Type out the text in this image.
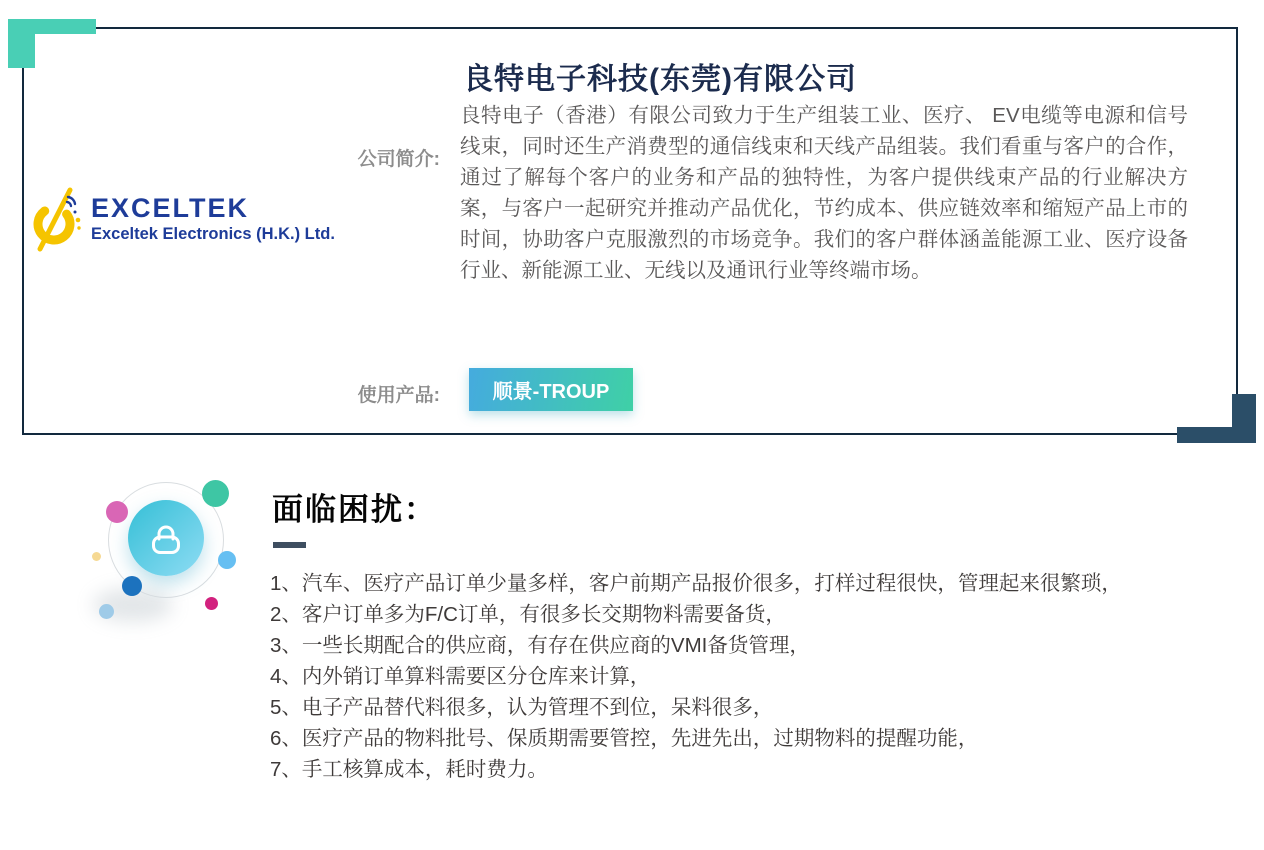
良特电子科技(东莞)有限公司
EXCELTEK
Exceltek Electronics (H.K.) Ltd.
公司简介:
良特电子（香港）有限公司致力于生产组装工业、医疗、 EV电缆等电源和信号线束，同时还生产消费型的通信线束和天线产品组装。我们看重与客户的合作，通过了解每个客户的业务和产品的独特性，为客户提供线束产品的行业解决方案，与客户一起研究并推动产品优化，节约成本、供应链效率和缩短产品上市的时间，协助客户克服激烈的市场竞争。我们的客户群体涵盖能源工业、医疗设备行业、新能源工业、无线以及通讯行业等终端市场。
使用产品:	顺景-TROUP
面临困扰：
1、汽车、医疗产品订单少量多样，客户前期产品报价很多，打样过程很快，管理起来很繁琐，
2、客户订单多为F/C订单，有很多长交期物料需要备货，
3、一些长期配合的供应商，有存在供应商的VMI备货管理，
4、内外销订单算料需要区分仓库来计算，
5、电子产品替代料很多，认为管理不到位，呆料很多，
6、医疗产品的物料批号、保质期需要管控，先进先出，过期物料的提醒功能，
7、手工核算成本，耗时费力。
